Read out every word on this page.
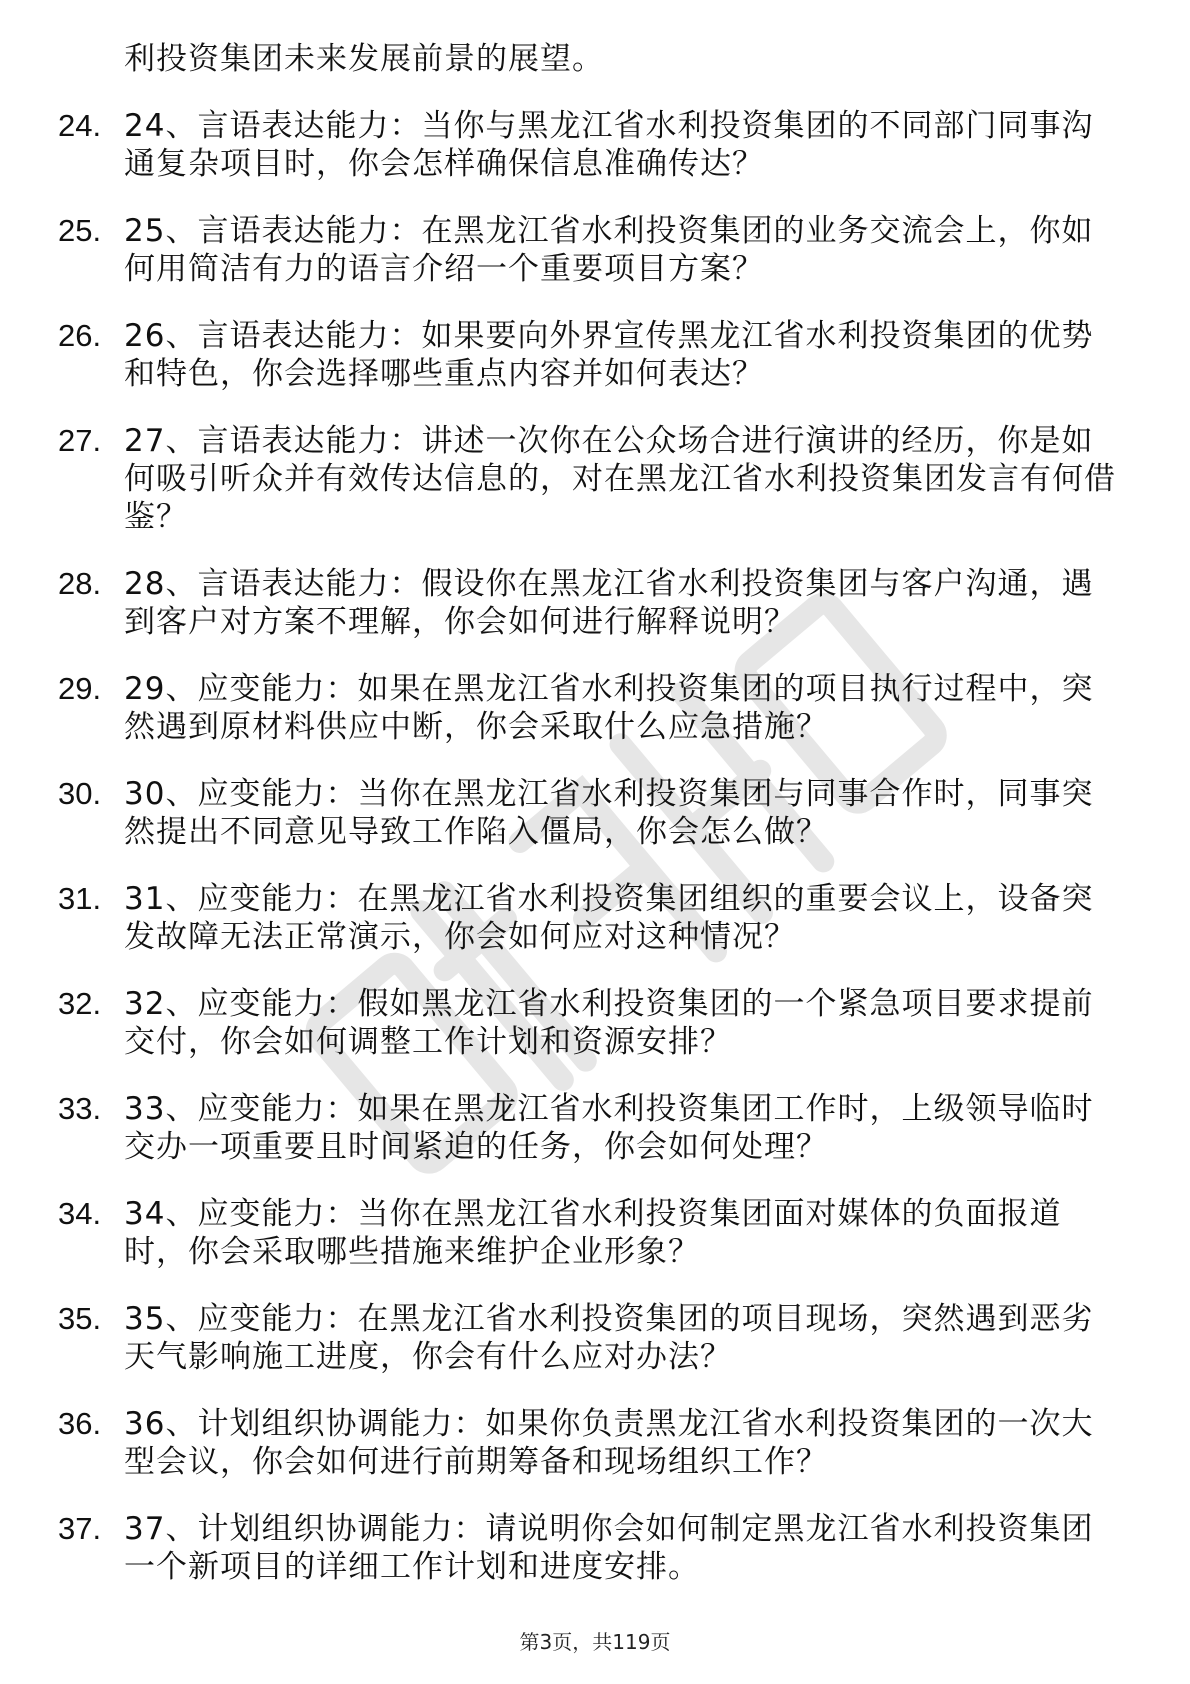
利投资集团未来发展前景的展望。
24. 24、言语表达能力：当你与黑龙江省水利投资集团的不同部门同事沟通复杂项目时，你会怎样确保信息准确传达？
25. 25、言语表达能力：在黑龙江省水利投资集团的业务交流会上，你如何用简洁有力的语言介绍一个重要项目方案？
26. 26、言语表达能力：如果要向外界宣传黑龙江省水利投资集团的优势和特色，你会选择哪些重点内容并如何表达？
27. 27、言语表达能力：讲述一次你在公众场合进行演讲的经历，你是如何吸引听众并有效传达信息的，对在黑龙江省水利投资集团发言有何借鉴？
28. 28、言语表达能力：假设你在黑龙江省水利投资集团与客户沟通，遇到客户对方案不理解，你会如何进行解释说明？
29. 29、应变能力：如果在黑龙江省水利投资集团的项目执行过程中，突然遇到原材料供应中断，你会采取什么应急措施？
30. 30、应变能力：当你在黑龙江省水利投资集团与同事合作时，同事突然提出不同意见导致工作陷入僵局，你会怎么做？
31. 31、应变能力：在黑龙江省水利投资集团组织的重要会议上，设备突发故障无法正常演示，你会如何应对这种情况？
32. 32、应变能力：假如黑龙江省水利投资集团的一个紧急项目要求提前交付，你会如何调整工作计划和资源安排？
33. 33、应变能力：如果在黑龙江省水利投资集团工作时，上级领导临时交办一项重要且时间紧迫的任务，你会如何处理？
34. 34、应变能力：当你在黑龙江省水利投资集团面对媒体的负面报道时，你会采取哪些措施来维护企业形象？
35. 35、应变能力：在黑龙江省水利投资集团的项目现场，突然遇到恶劣天气影响施工进度，你会有什么应对办法？
36. 36、计划组织协调能力：如果你负责黑龙江省水利投资集团的一次大型会议，你会如何进行前期筹备和现场组织工作？
37. 37、计划组织协调能力：请说明你会如何制定黑龙江省水利投资集团一个新项目的详细工作计划和进度安排。
第3页，共119页
